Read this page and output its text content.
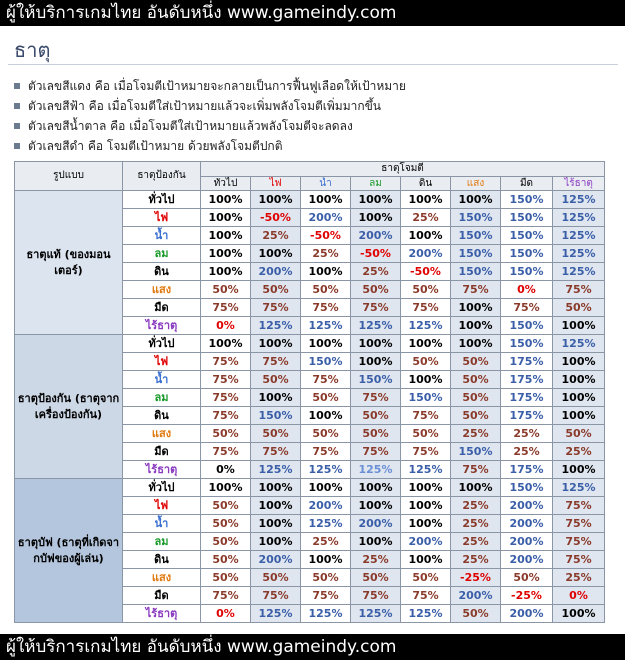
ผู้ให้บริการเกมไทย อันดับหนึ่ง www.gameindy.com
ธาตุ
ตัวเลขสีแดง คือ เมื่อโจมตีเป้าหมายจะกลายเป็นการฟื้นฟูเลือดให้เป้าหมาย
ตัวเลขสีฟ้า คือ เมื่อโจมตีใส่เป้าหมายแล้วจะเพิ่มพลังโจมตีเพิ่มมากขึ้น
ตัวเลขสีน้ำตาล คือ เมื่อโจมตีใส่เป้าหมายแล้วพลังโจมตีจะลดลง
ตัวเลขสีดำ คือ โจมตีเป้าหมาย ด้วยพลังโจมตีปกติ
รูปแบบ	ธาตุป้องกัน	ธาตุโจมตี							
		ทั่วไป	ไฟ	น้ำ	ลม	ดิน	แสง	มืด	ไร้ธาตุ
ธาตุแท้ (ของมอนเตอร์)	ทั่วไป	100%	100%	100%	100%	100%	100%	150%	125%
	ไฟ	100%	-50%	200%	100%	25%	150%	150%	125%
	น้ำ	100%	25%	-50%	200%	100%	150%	150%	125%
	ลม	100%	100%	25%	-50%	200%	150%	150%	125%
	ดิน	100%	200%	100%	25%	-50%	150%	150%	125%
	แสง	50%	50%	50%	50%	50%	75%	0%	75%
	มืด	75%	75%	75%	75%	75%	100%	75%	50%
	ไร้ธาตุ	0%	125%	125%	125%	125%	100%	150%	100%
ธาตุป้องกัน (ธาตุจากเครื่องป้องกัน)	ทั่วไป	100%	100%	100%	100%	100%	100%	150%	125%
	ไฟ	75%	75%	150%	100%	50%	50%	175%	100%
	น้ำ	75%	50%	75%	150%	100%	50%	175%	100%
	ลม	75%	100%	50%	75%	150%	50%	175%	100%
	ดิน	75%	150%	100%	50%	75%	50%	175%	100%
	แสง	50%	50%	50%	50%	50%	25%	25%	50%
	มืด	75%	75%	75%	75%	75%	150%	25%	25%
	ไร้ธาตุ	0%	125%	125%	125%	125%	75%	175%	100%
ธาตุบัฟ (ธาตุที่เกิดจากบัฟของผู้เล่น)	ทั่วไป	100%	100%	100%	100%	100%	100%	150%	125%
	ไฟ	50%	100%	200%	100%	100%	25%	200%	75%
	น้ำ	50%	100%	125%	200%	100%	25%	200%	75%
	ลม	50%	100%	25%	100%	200%	25%	200%	75%
	ดิน	50%	200%	100%	25%	100%	25%	200%	75%
	แสง	50%	50%	50%	50%	50%	-25%	50%	25%
	มืด	75%	75%	75%	75%	75%	200%	-25%	0%
	ไร้ธาตุ	0%	125%	125%	125%	125%	50%	200%	100%
ผู้ให้บริการเกมไทย อันดับหนึ่ง www.gameindy.com
